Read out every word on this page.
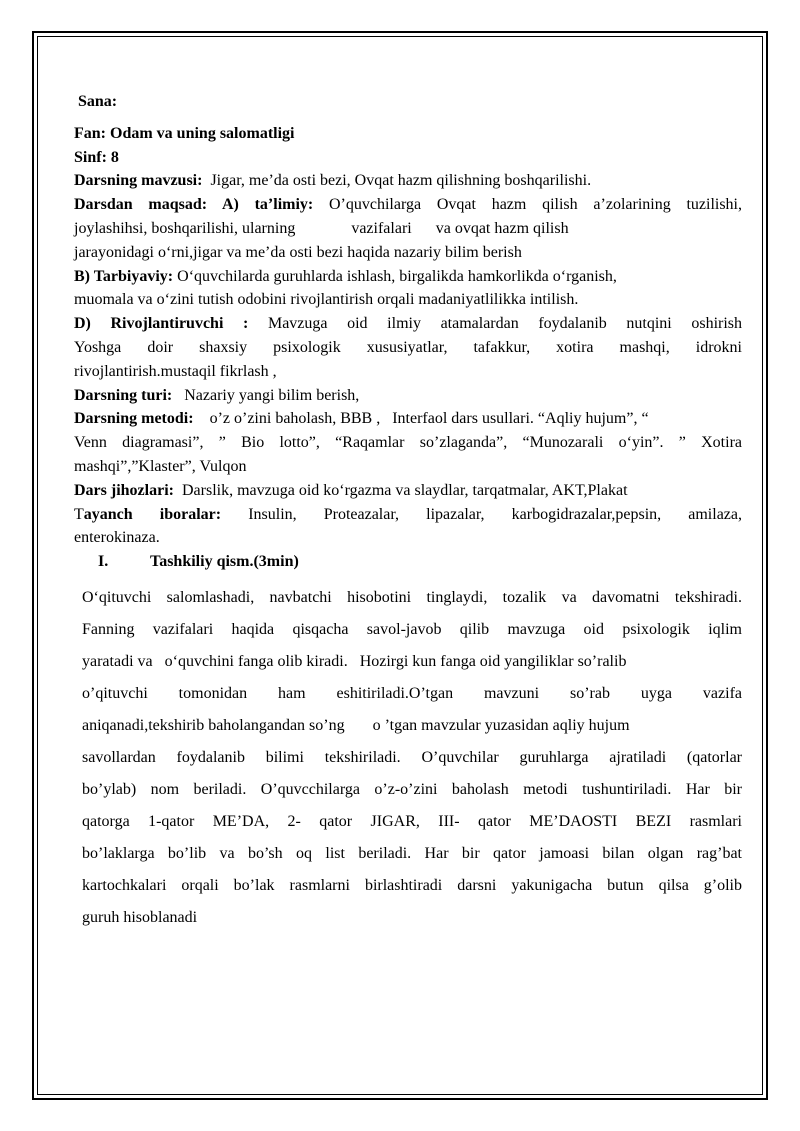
Sana:
Fan: Odam va uning salomatligi
Sinf: 8
Darsning mavzusi: Jigar, me’da osti bezi, Ovqat hazm qilishning boshqarilishi.
Darsdan maqsad: A) ta’limiy: O’quvchilarga Ovqat hazm qilish a’zolarining tuzilishi,
joylashihsi, boshqarilishi, ularning              vazifalari      va ovqat hazm qilish
jarayonidagi o‘rni,jigar va me’da osti bezi haqida nazariy bilim berish
B) Tarbiyaviy: O‘quvchilarda guruhlarda ishlash, birgalikda hamkorlikda o‘rganish,
muomala va o‘zini tutish odobini rivojlantirish orqali madaniyatlilikka intilish.
D) Rivojlantiruvchi : Mavzuga oid ilmiy atamalardan foydalanib nutqini oshirish
Yoshga doir shaxsiy psixologik xususiyatlar, tafakkur, xotira mashqi, idrokni
rivojlantirish.mustaqil fikrlash ,
Darsning turi: Nazariy yangi bilim berish,
Darsning metodi: o’z o’zini baholash, BBB ,   Interfaol dars usullari. “Aqliy hujum”, “
Venn diagramasi”, ” Bio lotto”, “Raqamlar so’zlaganda”, “Munozarali o‘yin”. ” Xotira
mashqi”,”Klaster”, Vulqon
Dars jihozlari: Darslik, mavzuga oid ko‘rgazma va slaydlar, tarqatmalar, AKT,Plakat
Tayanch iboralar: Insulin, Proteazalar, lipazalar, karbogidrazalar,pepsin, amilaza,
enterokinaza.
I.	Tashkiliy qism.(3min)
O‘qituvchi salomlashadi, navbatchi hisobotini tinglaydi, tozalik va davomatni tekshiradi.
Fanning vazifalari haqida qisqacha savol-javob qilib mavzuga oid psixologik iqlim
yaratadi va   o‘quvchini fanga olib kiradi.   Hozirgi kun fanga oid yangiliklar so’ralib
o’qituvchi tomonidan ham eshitiriladi.O’tgan mavzuni so’rab uyga vazifa
aniqanadi,tekshirib baholangandan so’ng       o ’tgan mavzular yuzasidan aqliy hujum
savollardan foydalanib bilimi tekshiriladi. O’quvchilar guruhlarga ajratiladi (qatorlar
bo’ylab) nom beriladi. O’quvcchilarga o’z-o’zini baholash metodi tushuntiriladi. Har bir
qatorga 1-qator ME’DA, 2- qator JIGAR, III- qator ME’DAOSTI BEZI rasmlari
bo’laklarga bo’lib va bo’sh oq list beriladi. Har bir qator jamoasi bilan olgan rag’bat
kartochkalari orqali bo’lak rasmlarni birlashtiradi darsni yakunigacha butun qilsa g’olib
guruh hisoblanadi
